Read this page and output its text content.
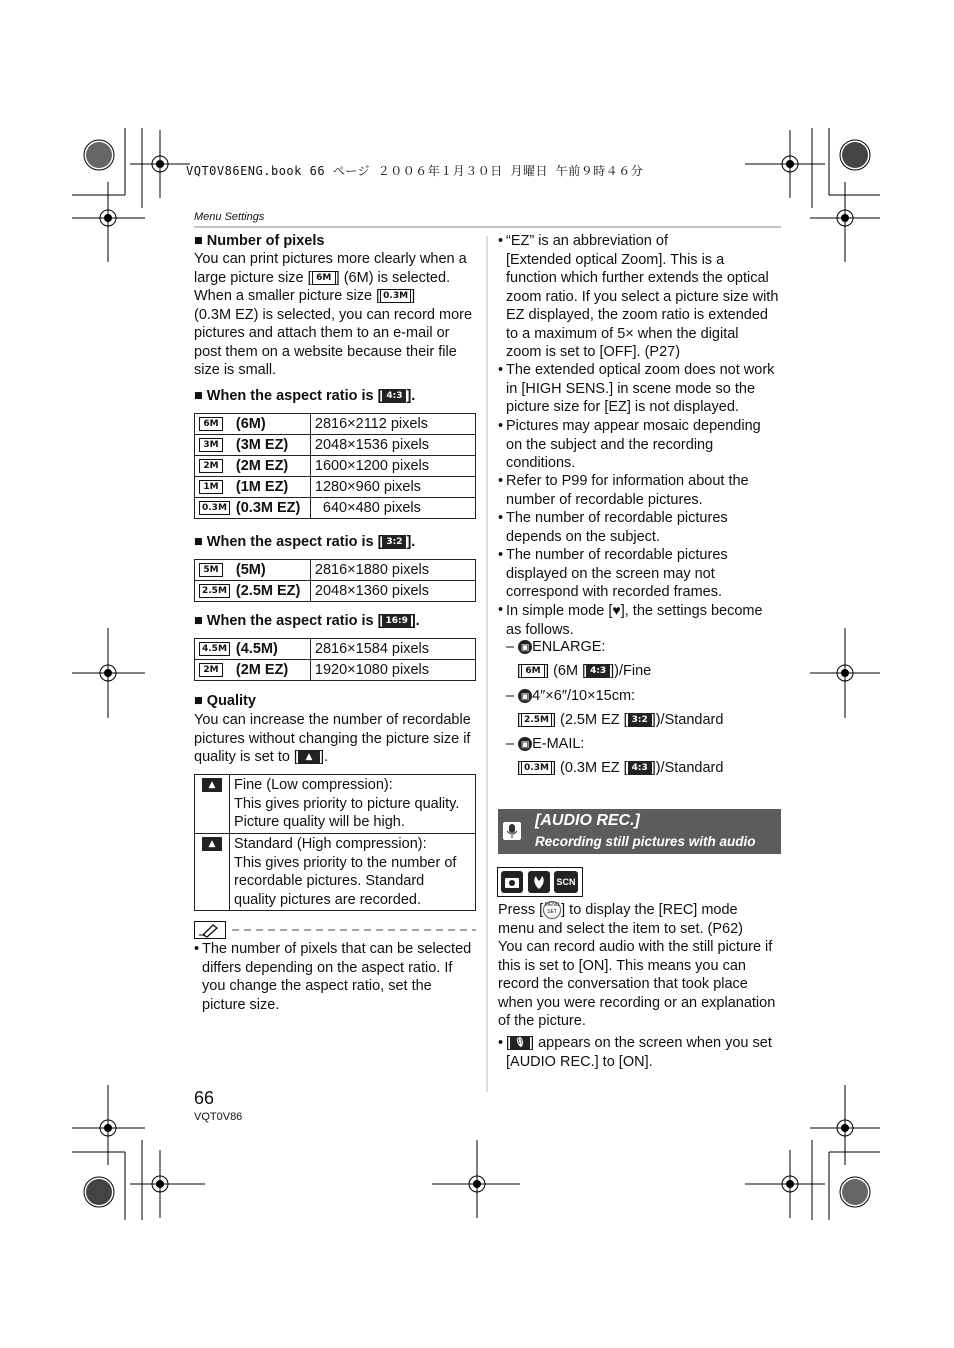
VQT0V86ENG.book 66 ページ ２００６年１月３０日 月曜日 午前９時４６分
Menu Settings
■ Number of pixels
You can print pictures more clearly when a
large picture size [ 6M ] (6M) is selected.
When a smaller picture size [ 0.3M ]
(0.3M EZ) is selected, you can record more
pictures and attach them to an e-mail or
post them on a website because their file
size is small.
■ When the aspect ratio is [ 4:3 ].
6M	(6M)	2816×2112 pixels
3M	(3M EZ)	2048×1536 pixels
2M	(2M EZ)	1600×1200 pixels
1M	(1M EZ)	1280×960 pixels
0.3M	(0.3M EZ)	640×480 pixels
■ When the aspect ratio is [ 3:2 ].
5M	(5M)	2816×1880 pixels
2.5M	(2.5M EZ)	2048×1360 pixels
■ When the aspect ratio is [ 16:9 ].
4.5M	(4.5M)	2816×1584 pixels
2M	(2M EZ)	1920×1080 pixels
■ Quality
You can increase the number of recordable
pictures without changing the picture size if
quality is set to [ ▲ ].
▲	Fine (Low compression):
This gives priority to picture quality.
Picture quality will be high.

▲	Standard (High compression):
This gives priority to the number of
recordable pictures. Standard
quality pictures are recorded.
• The number of pixels that can be selected
differs depending on the aspect ratio. If
you change the aspect ratio, set the
picture size.
• “EZ” is an abbreviation of
[Extended optical Zoom]. This is a
function which further extends the optical
zoom ratio. If you select a picture size with
EZ displayed, the zoom ratio is extended
to a maximum of 5× when the digital
zoom is set to [OFF]. (P27)
• The extended optical zoom does not work
in [HIGH SENS.] in scene mode so the
picture size for [EZ] is not displayed.
• Pictures may appear mosaic depending
on the subject and the recording
conditions.
• Refer to P99 for information about the
number of recordable pictures.
• The number of recordable pictures
depends on the subject.
• The number of recordable pictures
displayed on the screen may not
correspond with recorded frames.
• In simple mode [♥], the settings become
as follows.
– ▣ ENLARGE:
[ 6M ] (6M [ 4:3 ])/Fine
– ▣ 4″×6″/10×15cm:
[ 2.5M ] (2.5M EZ [ 3:2 ])/Standard
– ▣ E-MAIL:
[ 0.3M ] (0.3M EZ [ 4:3 ])/Standard
[AUDIO REC.]
Recording still pictures with audio
SCN
Press [ MENU SET ] to display the [REC] mode
menu and select the item to set. (P62)
You can record audio with the still picture if
this is set to [ON]. This means you can
record the conversation that took place
when you were recording or an explanation
of the picture.
• [ 🎙︎ ] appears on the screen when you set
[AUDIO REC.] to [ON].
66
VQT0V86
